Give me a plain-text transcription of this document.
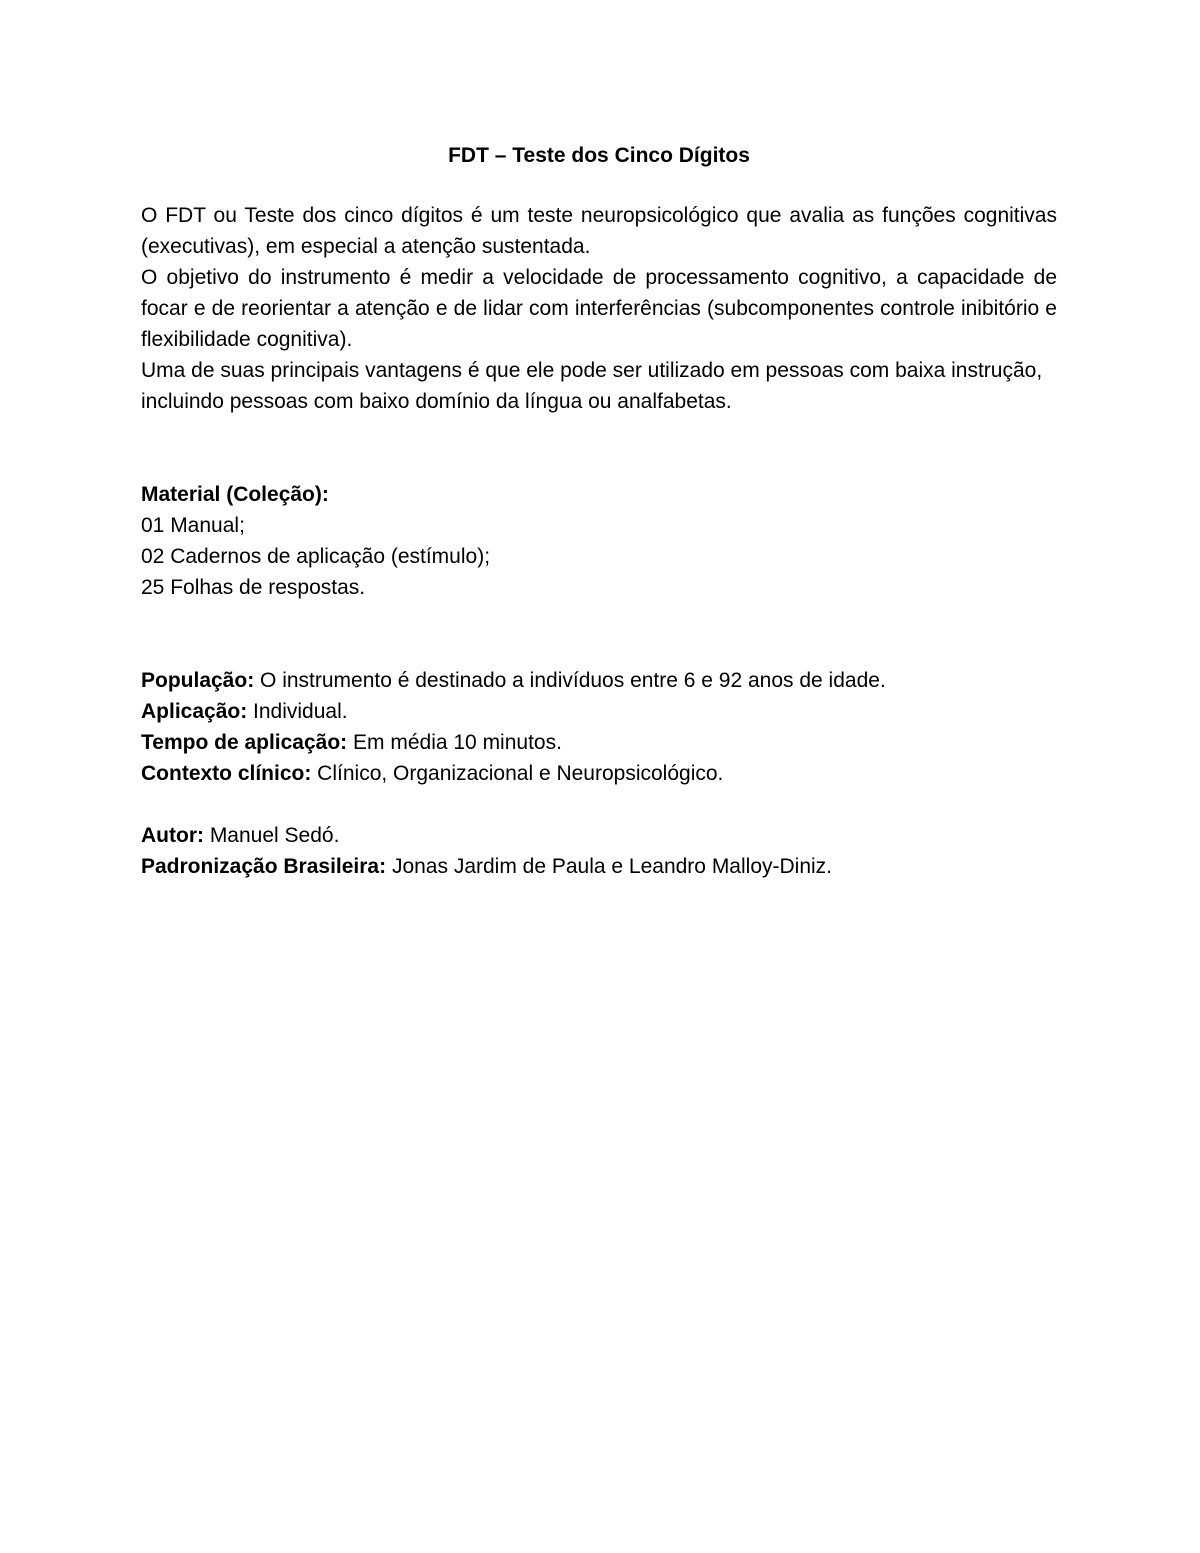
FDT – Teste dos Cinco Dígitos

O FDT ou Teste dos cinco dígitos é um teste neuropsicológico que avalia as funções cognitivas (executivas), em especial a atenção sustentada.

O objetivo do instrumento é medir a velocidade de processamento cognitivo, a capacidade de focar e de reorientar a atenção e de lidar com interferências (subcomponentes controle inibitório e flexibilidade cognitiva).

Uma de suas principais vantagens é que ele pode ser utilizado em pessoas com baixa instrução, incluindo pessoas com baixo domínio da língua ou analfabetas.

Material (Coleção):

01 Manual;

02 Cadernos de aplicação (estímulo);

25 Folhas de respostas.

População: O instrumento é destinado a indivíduos entre 6 e 92 anos de idade.

Aplicação: Individual.

Tempo de aplicação: Em média 10 minutos.

Contexto clínico: Clínico, Organizacional e Neuropsicológico.

Autor: Manuel Sedó.

Padronização Brasileira: Jonas Jardim de Paula e Leandro Malloy-Diniz.
